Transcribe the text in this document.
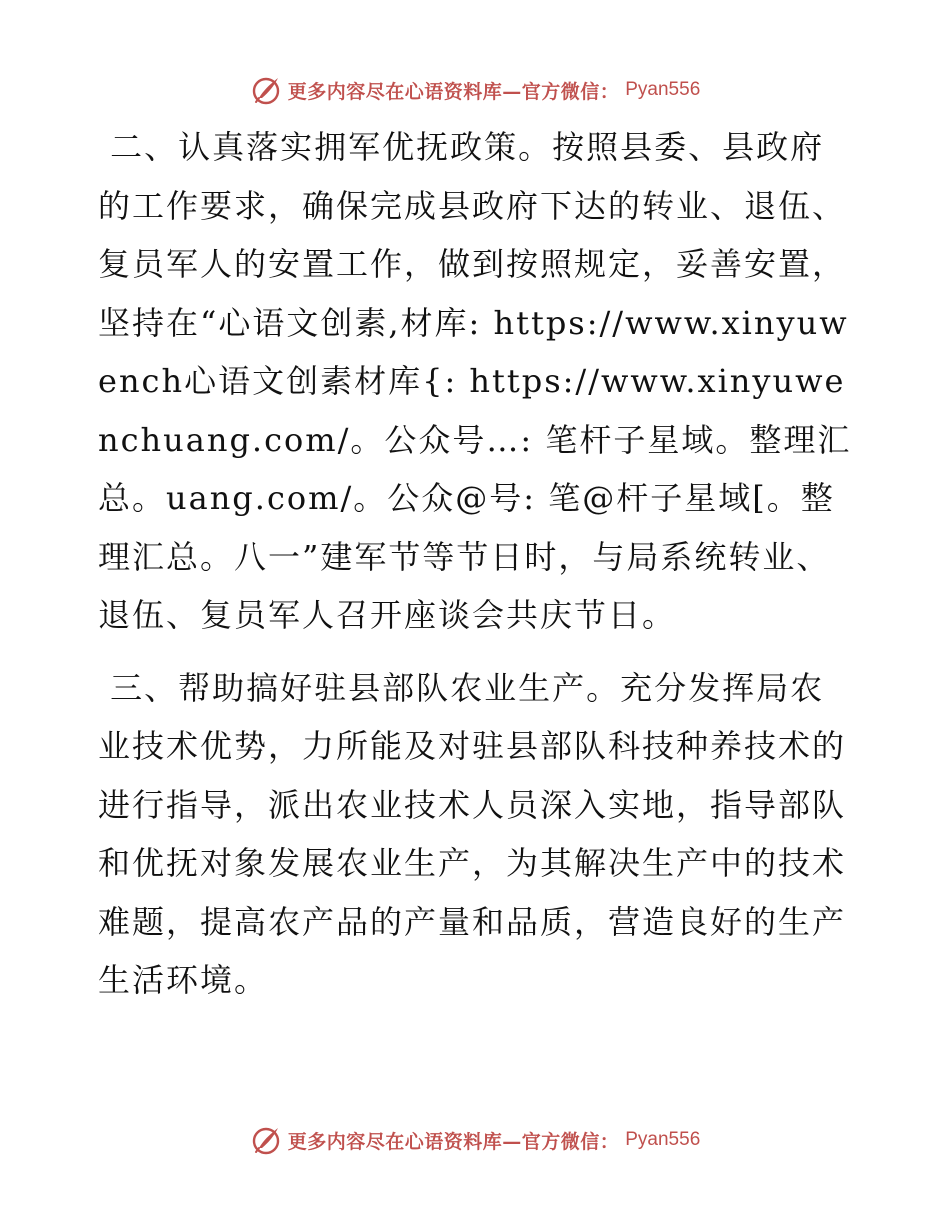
更多内容尽在心语资料库—官方微信： Pyan556

二、认真落实拥军优抚政策。按照县委、县政府的工作要求，确保完成县政府下达的转业、退伍、复员军人的安置工作，做到按照规定，妥善安置，坚持在“心语文创素,材库: https://www.xinyuwench心语文创素材库{: https://www.xinyuwenchuang.com/。公众号…: 笔杆子星域。整理汇总。uang.com/。公众@号: 笔@杆子星域[。整理汇总。八一”建军节等节日时，与局系统转业、退伍、复员军人召开座谈会共庆节日。

三、帮助搞好驻县部队农业生产。充分发挥局农业技术优势，力所能及对驻县部队科技种养技术的进行指导，派出农业技术人员深入实地，指导部队和优抚对象发展农业生产，为其解决生产中的技术难题，提高农产品的产量和品质，营造良好的生产生活环境。

更多内容尽在心语资料库—官方微信： Pyan556
